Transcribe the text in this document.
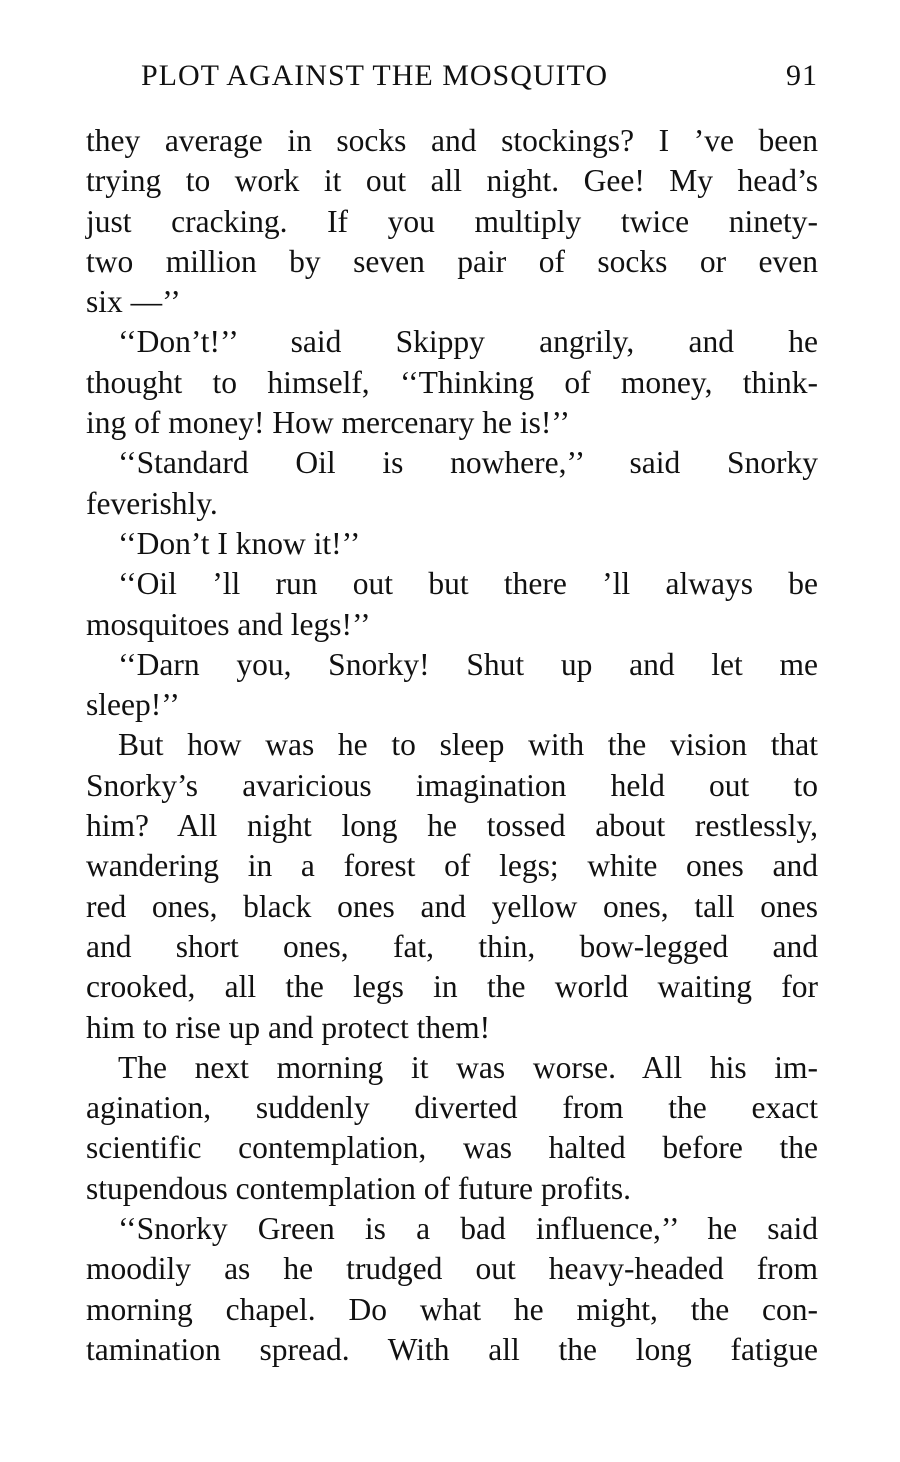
PLOT AGAINST THE MOSQUITO	91
they average in socks and stockings? I ’ve been
trying to work it out all night. Gee! My head’s
just cracking. If you multiply twice ninety-
two million by seven pair of socks or even
six —’’
‘‘Don’t!’’ said Skippy angrily, and he
thought to himself, ‘‘Thinking of money, think-
ing of money! How mercenary he is!’’
‘‘Standard Oil is nowhere,’’ said Snorky
feverishly.
‘‘Don’t I know it!’’
‘‘Oil ’ll run out but there ’ll always be
mosquitoes and legs!’’
‘‘Darn you, Snorky! Shut up and let me
sleep!’’
But how was he to sleep with the vision that
Snorky’s avaricious imagination held out to
him? All night long he tossed about restlessly,
wandering in a forest of legs; white ones and
red ones, black ones and yellow ones, tall ones
and short ones, fat, thin, bow-legged and
crooked, all the legs in the world waiting for
him to rise up and protect them!
The next morning it was worse. All his im-
agination, suddenly diverted from the exact
scientific contemplation, was halted before the
stupendous contemplation of future profits.
‘‘Snorky Green is a bad influence,’’ he said
moodily as he trudged out heavy-headed from
morning chapel. Do what he might, the con-
tamination spread. With all the long fatigue
